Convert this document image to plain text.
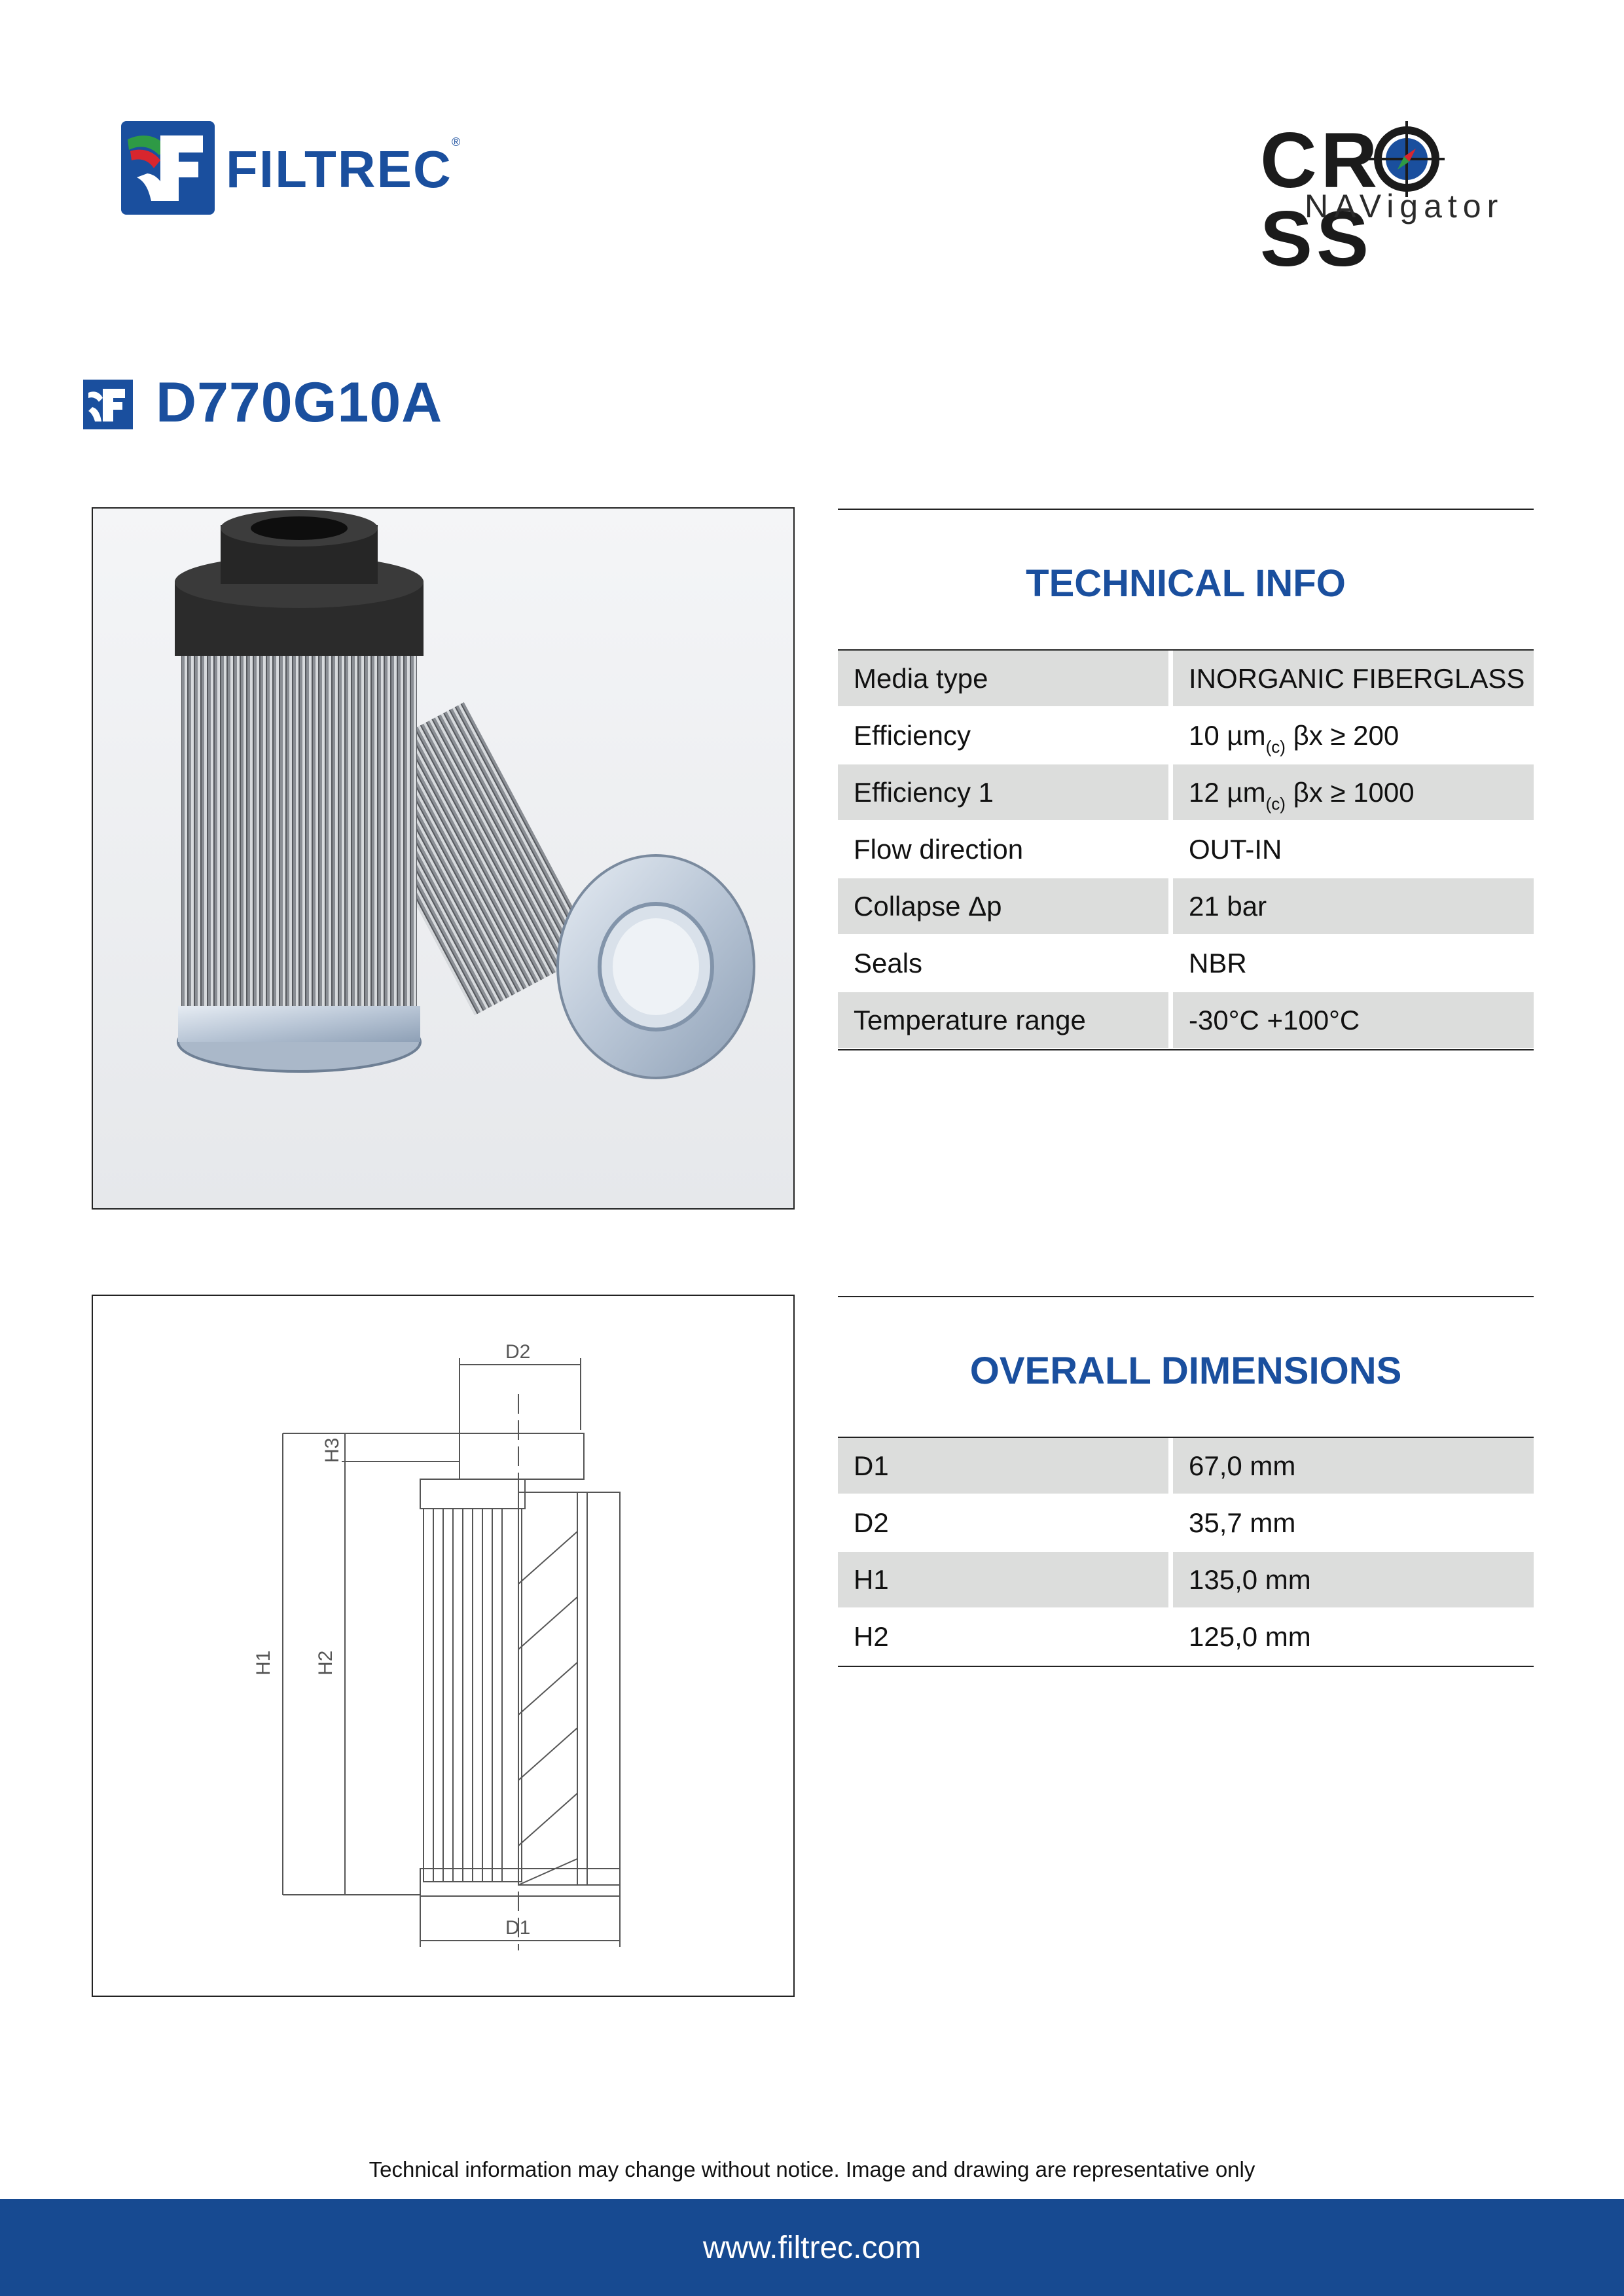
FILTREC ®	CRSS
NAVigator
D770G10A
D2
H1 H2
H3
D1
TECHNICAL INFO
Media type	INORGANIC FIBERGLASS
Efficiency	10 µm$_{(c)}$ βx ≥ 200
Efficiency 1	12 µm$_{(c)}$ βx ≥ 1000
Flow direction	OUT-IN
Collapse Δp	21 bar
Seals	NBR
Temperature range	-30°C +100°C
OVERALL DIMENSIONS
D1	67,0 mm
D2	35,7 mm
H1	135,0 mm
H2	125,0 mm
Technical information may change without notice. Image and drawing are representative only
www.filtrec.com
